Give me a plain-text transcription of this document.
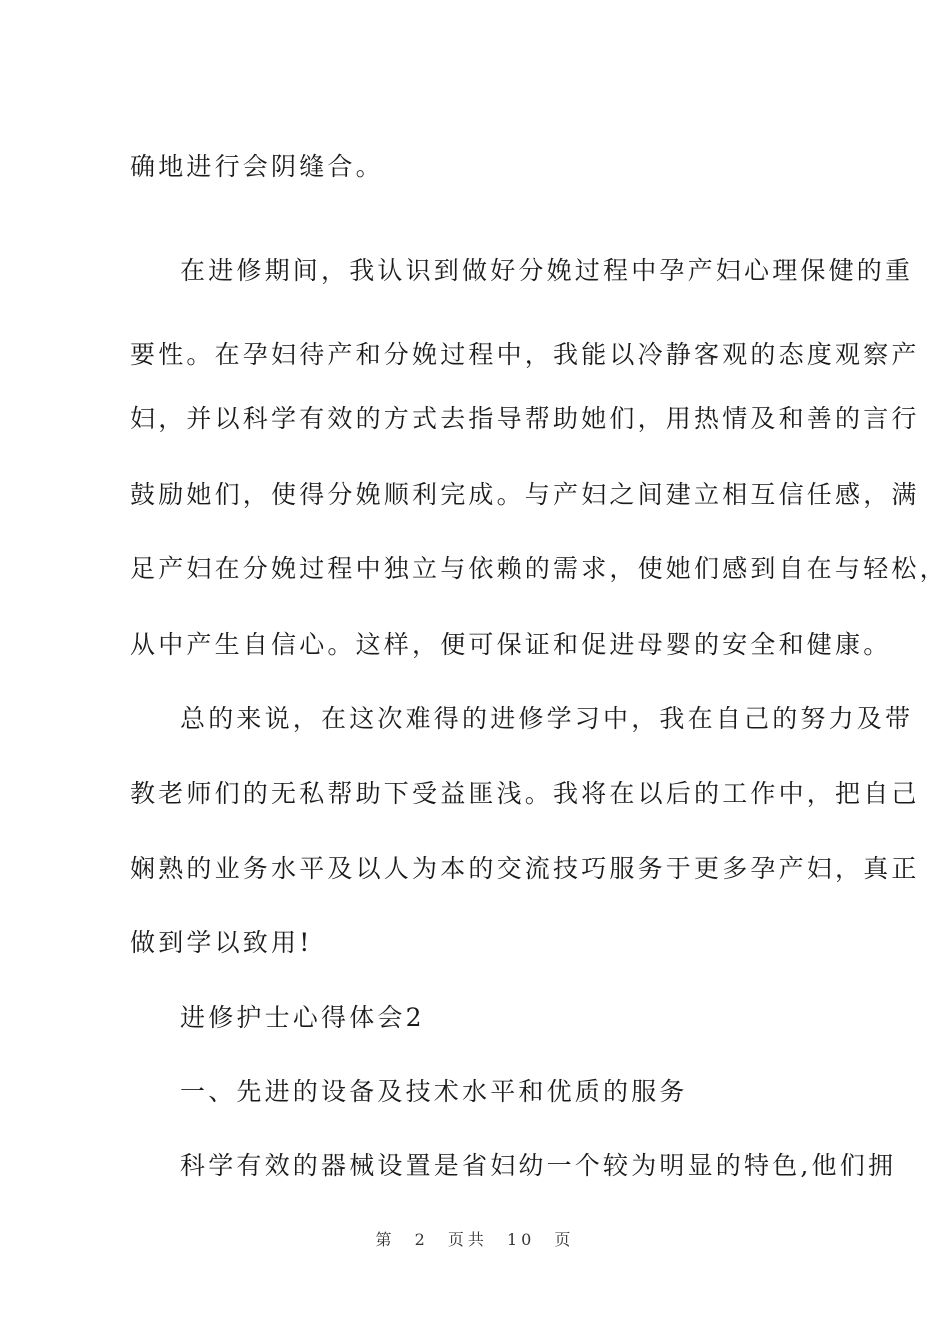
确地进行会阴缝合。
在进修期间，我认识到做好分娩过程中孕产妇心理保健的重
要性。在孕妇待产和分娩过程中，我能以冷静客观的态度观察产
妇，并以科学有效的方式去指导帮助她们，用热情及和善的言行
鼓励她们，使得分娩顺利完成。与产妇之间建立相互信任感，满
足产妇在分娩过程中独立与依赖的需求，使她们感到自在与轻松，
从中产生自信心。这样，便可保证和促进母婴的安全和健康。
总的来说，在这次难得的进修学习中，我在自己的努力及带
教老师们的无私帮助下受益匪浅。我将在以后的工作中，把自己
娴熟的业务水平及以人为本的交流技巧服务于更多孕产妇，真正
做到学以致用!
进修护士心得体会2
一、先进的设备及技术水平和优质的服务
科学有效的器械设置是省妇幼一个较为明显的特色,他们拥
第 2 页共 10 页
